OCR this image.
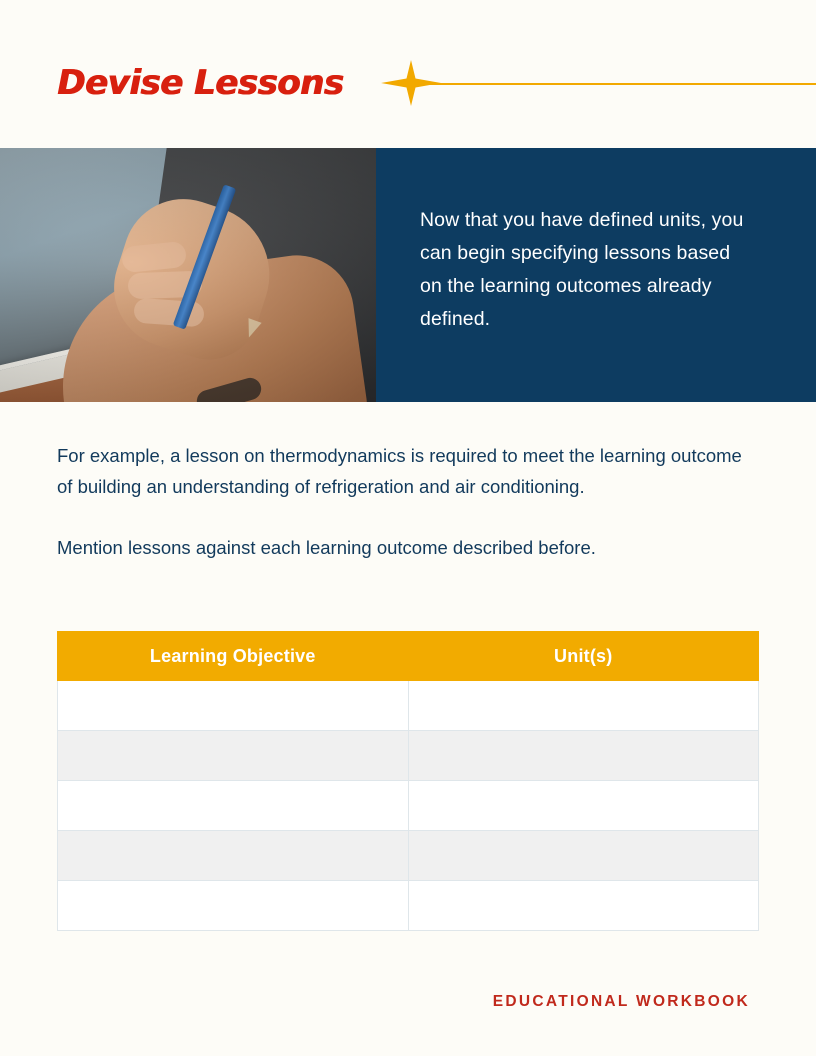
Devise Lessons

Now that you have defined units, you can begin specifying lessons based on the learning outcomes already defined.

For example, a lesson on thermodynamics is required to meet the learning outcome of building an understanding of refrigeration and air conditioning.

Mention lessons against each learning outcome described before.

Learning Objective	Unit(s)

EDUCATIONAL WORKBOOK
